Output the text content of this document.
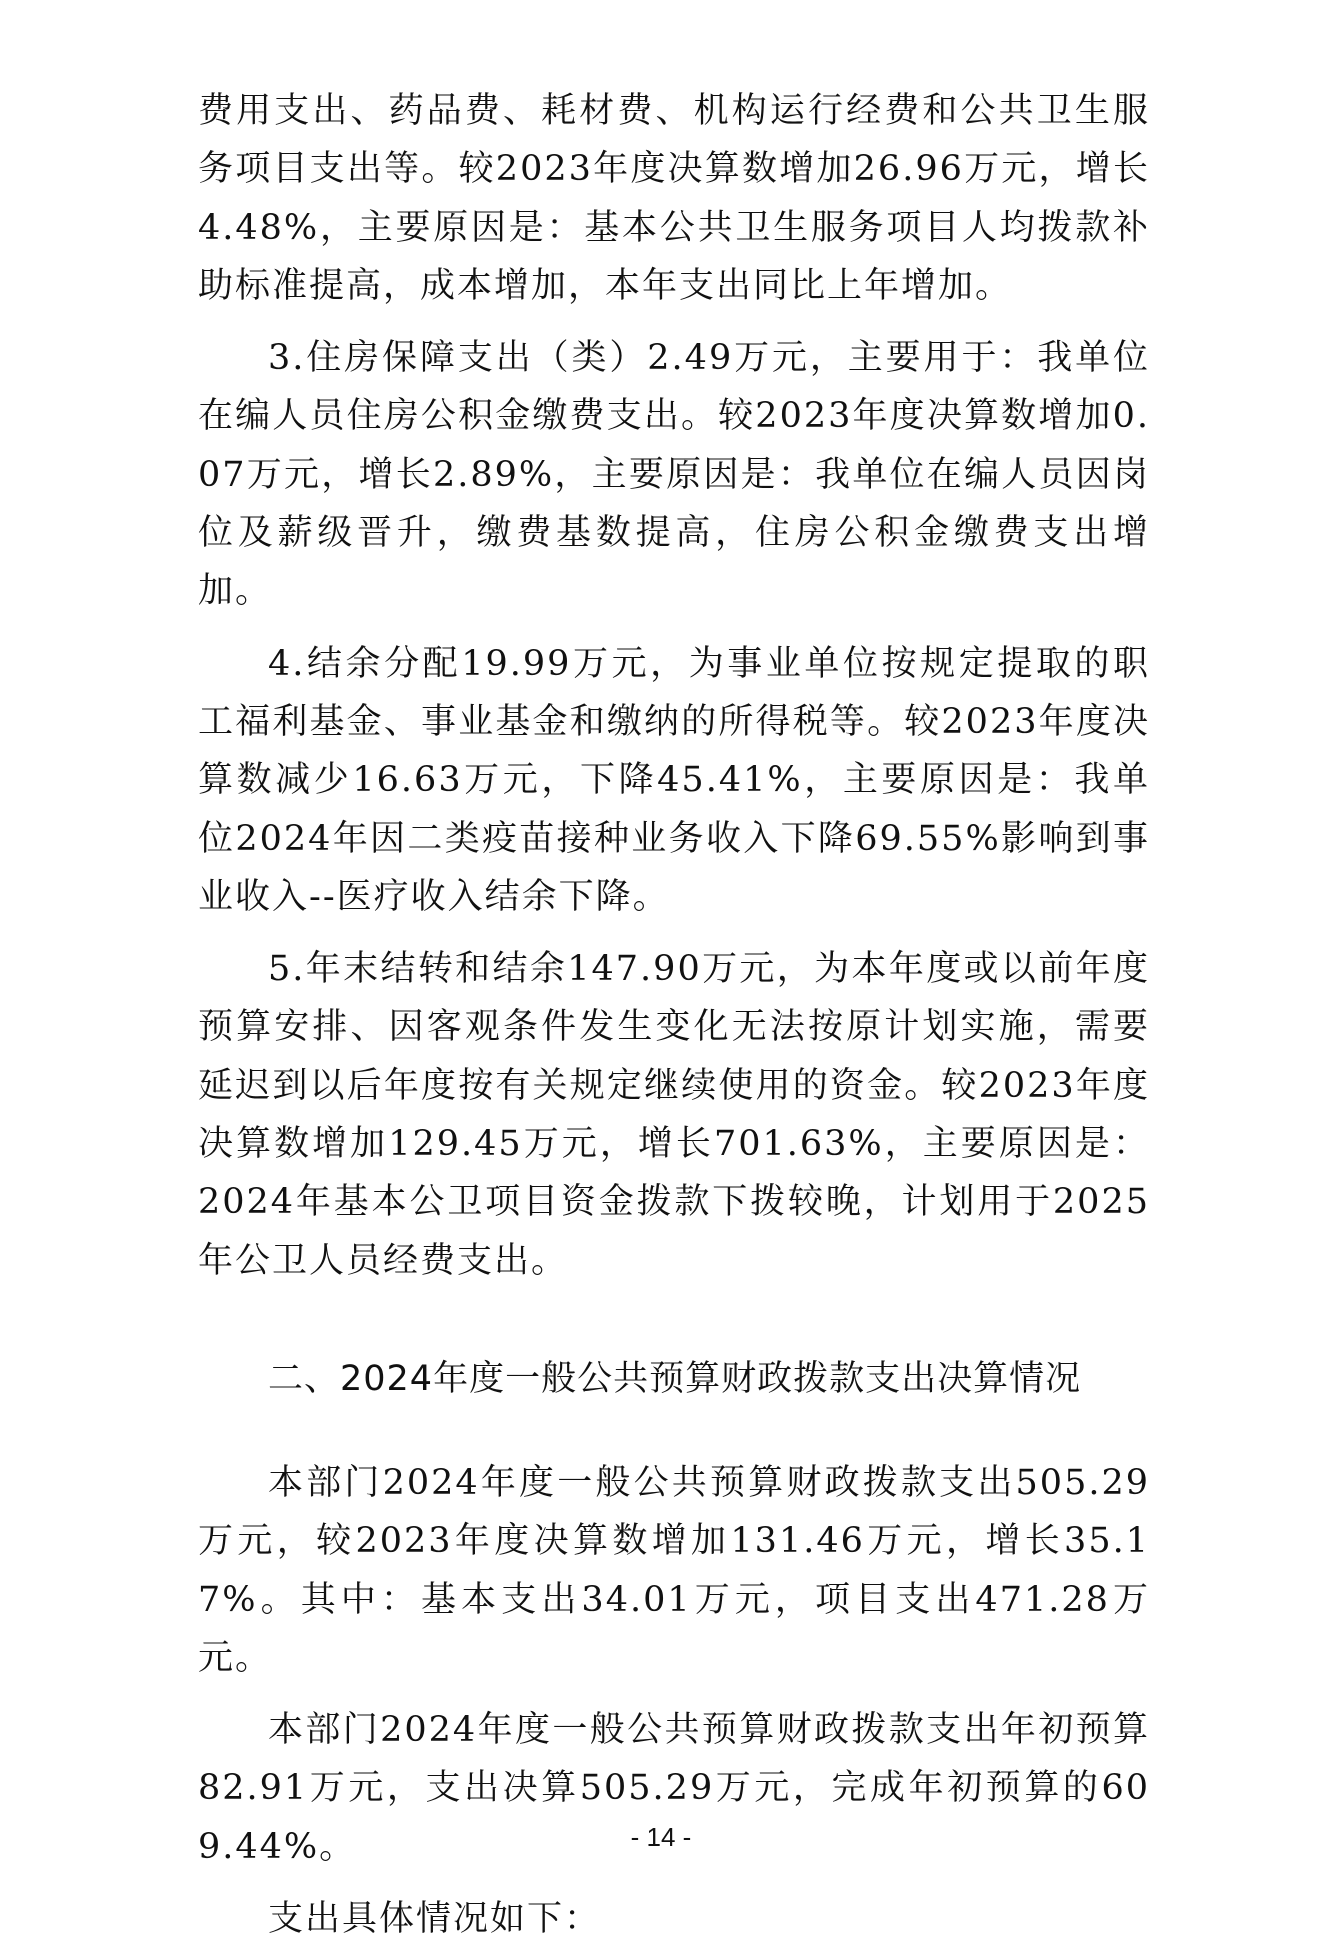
费用支出、药品费、耗材费、机构运行经费和公共卫生服务项目支出等。较2023年度决算数增加26.96万元，增长4.48%，主要原因是：基本公共卫生服务项目人均拨款补助标准提高，成本增加，本年支出同比上年增加。

3.住房保障支出（类）2.49万元，主要用于：我单位在编人员住房公积金缴费支出。较2023年度决算数增加0.07万元，增长2.89%，主要原因是：我单位在编人员因岗位及薪级晋升，缴费基数提高，住房公积金缴费支出增加。

4.结余分配19.99万元，为事业单位按规定提取的职工福利基金、事业基金和缴纳的所得税等。较2023年度决算数减少16.63万元，下降45.41%，主要原因是：我单位2024年因二类疫苗接种业务收入下降69.55%影响到事业收入--医疗收入结余下降。

5.年末结转和结余147.90万元，为本年度或以前年度预算安排、因客观条件发生变化无法按原计划实施，需要延迟到以后年度按有关规定继续使用的资金。较2023年度决算数增加129.45万元，增长701.63%，主要原因是：2024年基本公卫项目资金拨款下拨较晚，计划用于2025年公卫人员经费支出。

二、2024年度一般公共预算财政拨款支出决算情况

本部门2024年度一般公共预算财政拨款支出505.29万元，较2023年度决算数增加131.46万元，增长35.17%。其中：基本支出34.01万元，项目支出471.28万元。

本部门2024年度一般公共预算财政拨款支出年初预算82.91万元，支出决算505.29万元，完成年初预算的609.44%。

支出具体情况如下：

- 14 -
